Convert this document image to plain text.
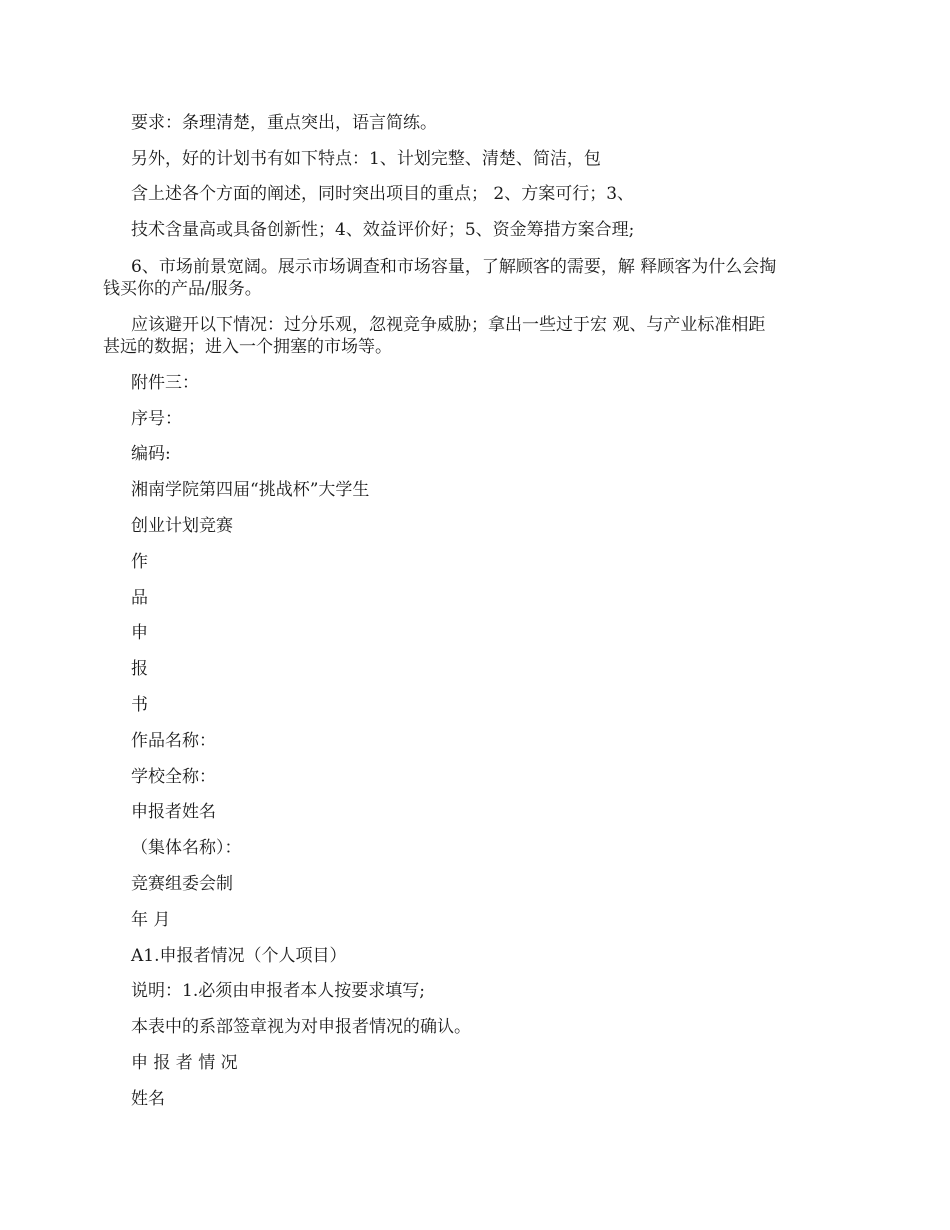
要求：条理清楚，重点突出，语言简练。
另外，好的计划书有如下特点：1、计划完整、清楚、简洁，包
含上述各个方面的阐述，同时突出项目的重点； 2、方案可行；3、
技术含量高或具备创新性；4、效益评价好；5、资金筹措方案合理;
6、市场前景宽阔。展示市场调查和市场容量，了解顾客的需要，解 释顾客为什么会掏
钱买你的产品/服务。
应该避开以下情况：过分乐观，忽视竞争威胁；拿出一些过于宏 观、与产业标准相距
甚远的数据；进入一个拥塞的市场等。
附件三：
序号：
编码:
湘南学院第四届“挑战杯”大学生
创业计划竞赛
作
品
申
报
书
作品名称：
学校全称：
申报者姓名
（集体名称）：
竞赛组委会制
年 月
A1.申报者情况（个人项目）
说明：1.必须由申报者本人按要求填写;
本表中的系部签章视为对申报者情况的确认。
申 报 者 情 况
姓名
